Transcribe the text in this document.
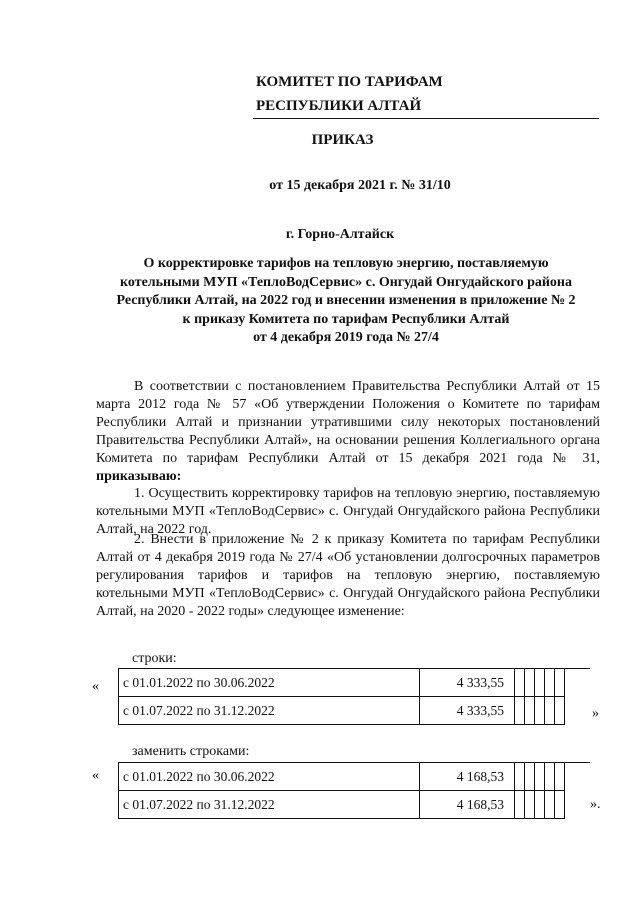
КОМИТЕТ ПО ТАРИФАМ
РЕСПУБЛИКИ АЛТАЙ
ПРИКАЗ
от 15 декабря 2021 г. № 31/10
г. Горно-Алтайск
О корректировке тарифов на тепловую энергию, поставляемую
котельными МУП «ТеплоВодСервис» с. Онгудай Онгудайского района
Республики Алтай, на 2022 год и внесении изменения в приложение № 2
к приказу Комитета по тарифам Республики Алтай
от 4 декабря 2019 года № 27/4
В соответствии с постановлением Правительства Республики Алтай от 15 марта 2012 года № 57 «Об утверждении Положения о Комитете по тарифам Республики Алтай и признании утратившими силу некоторых постановлений Правительства Республики Алтай», на основании решения Коллегиального органа Комитета по тарифам Республики Алтай от 15 декабря 2021 года № 31, приказываю:
1. Осуществить корректировку тарифов на тепловую энергию, поставляемую котельными МУП «ТеплоВодСервис» с. Онгудай Онгудайского района Республики Алтай, на 2022 год.
2. Внести в приложение № 2 к приказу Комитета по тарифам Республики Алтай от 4 декабря 2019 года № 27/4 «Об установлении долгосрочных параметров регулирования тарифов и тарифов на тепловую энергию, поставляемую котельными МУП «ТеплоВодСервис» с. Онгудай Онгудайского района Республики Алтай, на 2020 - 2022 годы» следующее изменение:
строки:
« с 01.01.2022 по 30.06.2022	4 333,55					
с 01.07.2022 по 31.12.2022	4 333,55						»
заменить строками:
« с 01.01.2022 по 30.06.2022	4 168,53					
с 01.07.2022 по 31.12.2022	4 168,53						».
